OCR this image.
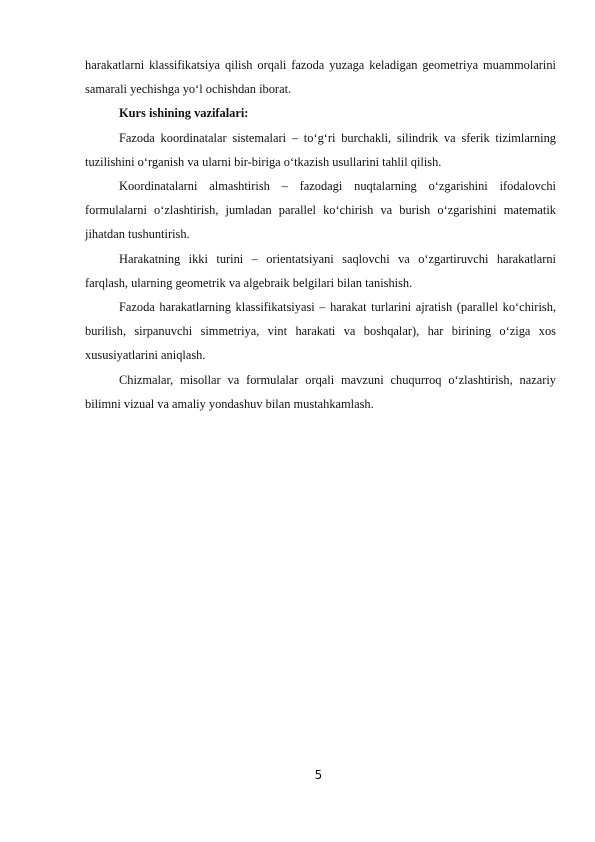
harakatlarni klassifikatsiya qilish orqali fazoda yuzaga keladigan geometriya muammolarini samarali yechishga yo‘l ochishdan iborat.

Kurs ishining vazifalari:

Fazoda koordinatalar sistemalari – to‘g‘ri burchakli, silindrik va sferik tizimlarning tuzilishini o‘rganish va ularni bir-biriga o‘tkazish usullarini tahlil qilish.

Koordinatalarni almashtirish – fazodagi nuqtalarning o‘zgarishini ifodalovchi formulalarni o‘zlashtirish, jumladan parallel ko‘chirish va burish o‘zgarishini matematik jihatdan tushuntirish.

Harakatning ikki turini – orientatsiyani saqlovchi va o‘zgartiruvchi harakatlarni farqlash, ularning geometrik va algebraik belgilari bilan tanishish.

Fazoda harakatlarning klassifikatsiyasi – harakat turlarini ajratish (parallel ko‘chirish, burilish, sirpanuvchi simmetriya, vint harakati va boshqalar), har birining o‘ziga xos xususiyatlarini aniqlash.

Chizmalar, misollar va formulalar orqali mavzuni chuqurroq o‘zlashtirish, nazariy bilimni vizual va amaliy yondashuv bilan mustahkamlash.

5
